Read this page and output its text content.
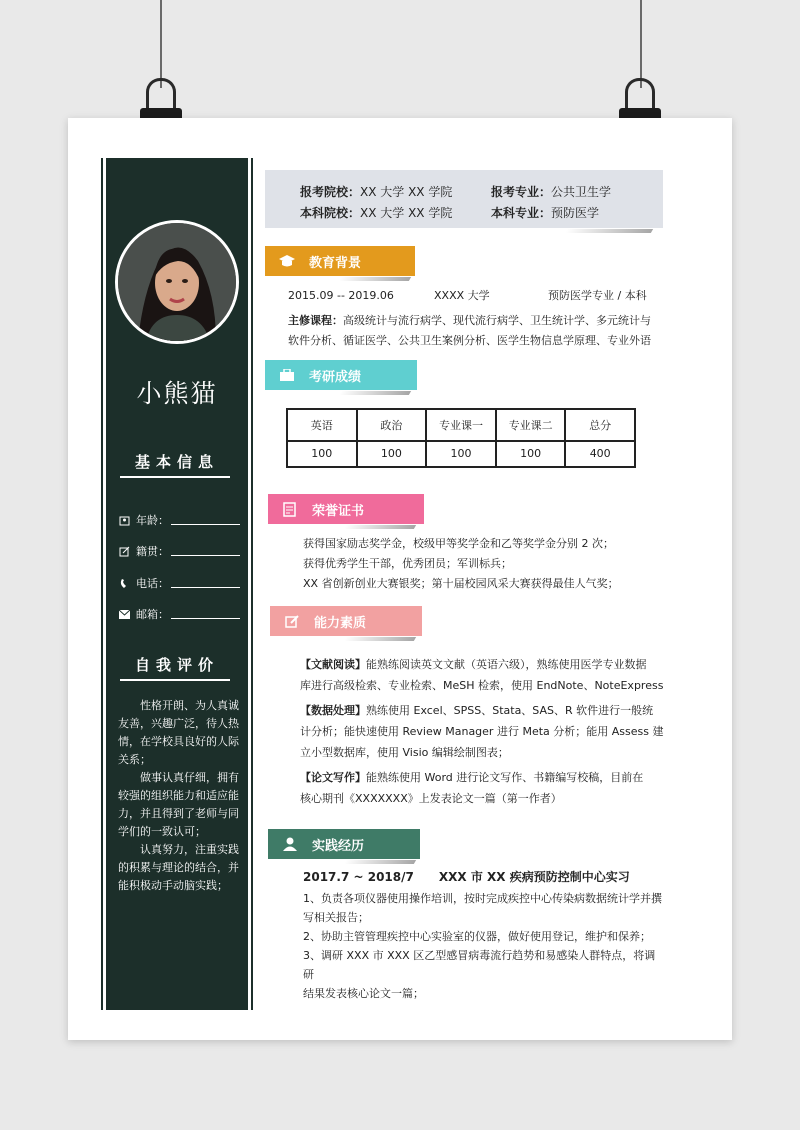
小熊猫
基本信息
年龄：
籍贯：
电话：
邮箱：
自我评价

性格开朗、为人真诚友善，兴趣广泛，待人热情，在学校具良好的人际关系；

做事认真仔细，拥有较强的组织能力和适应能力，并且得到了老师与同学们的一致认可；

认真努力，注重实践的积累与理论的结合，并能积极动手动脑实践；

报考院校：XX 大学 XX 学院	报考专业：公共卫生学
本科院校：XX 大学 XX 学院	本科专业：预防医学
教育背景
2015.09 -- 2019.06	XXXX 大学	预防医学专业 / 本科
主修课程：高级统计与流行病学、现代流行病学、卫生统计学、多元统计与
软件分析、循证医学、公共卫生案例分析、医学生物信息学原理、专业外语
考研成绩
英语	政治	专业课一	专业课二	总分
100	100	100	100	400
荣誉证书
获得国家励志奖学金，校级甲等奖学金和乙等奖学金分别 2 次；
获得优秀学生干部，优秀团员；军训标兵；
XX 省创新创业大赛银奖；第十届校园风采大赛获得最佳人气奖；
能力素质
【文献阅读】能熟练阅读英文文献（英语六级），熟练使用医学专业数据
库进行高级检索、专业检索、MeSH 检索，使用 EndNote、NoteExpress
【数据处理】熟练使用 Excel、SPSS、Stata、SAS、R 软件进行一般统
计分析；能快速使用 Review Manager 进行 Meta 分析；能用 Assess 建
立小型数据库，使用 Visio 编辑绘制图表；
【论文写作】能熟练使用 Word 进行论文写作、书籍编写校稿，目前在
核心期刊《XXXXXXX》上发表论文一篇（第一作者）
实践经历
2017.7 ~ 2018/7      XXX 市 XX 疾病预防控制中心实习
1、负责各项仪器使用操作培训，按时完成疾控中心传染病数据统计学并撰
写相关报告；
2、协助主管管理疾控中心实验室的仪器，做好使用登记，维护和保养；
3、调研 XXX 市 XXX 区乙型感冒病毒流行趋势和易感染人群特点，将调研
结果发表核心论文一篇；
